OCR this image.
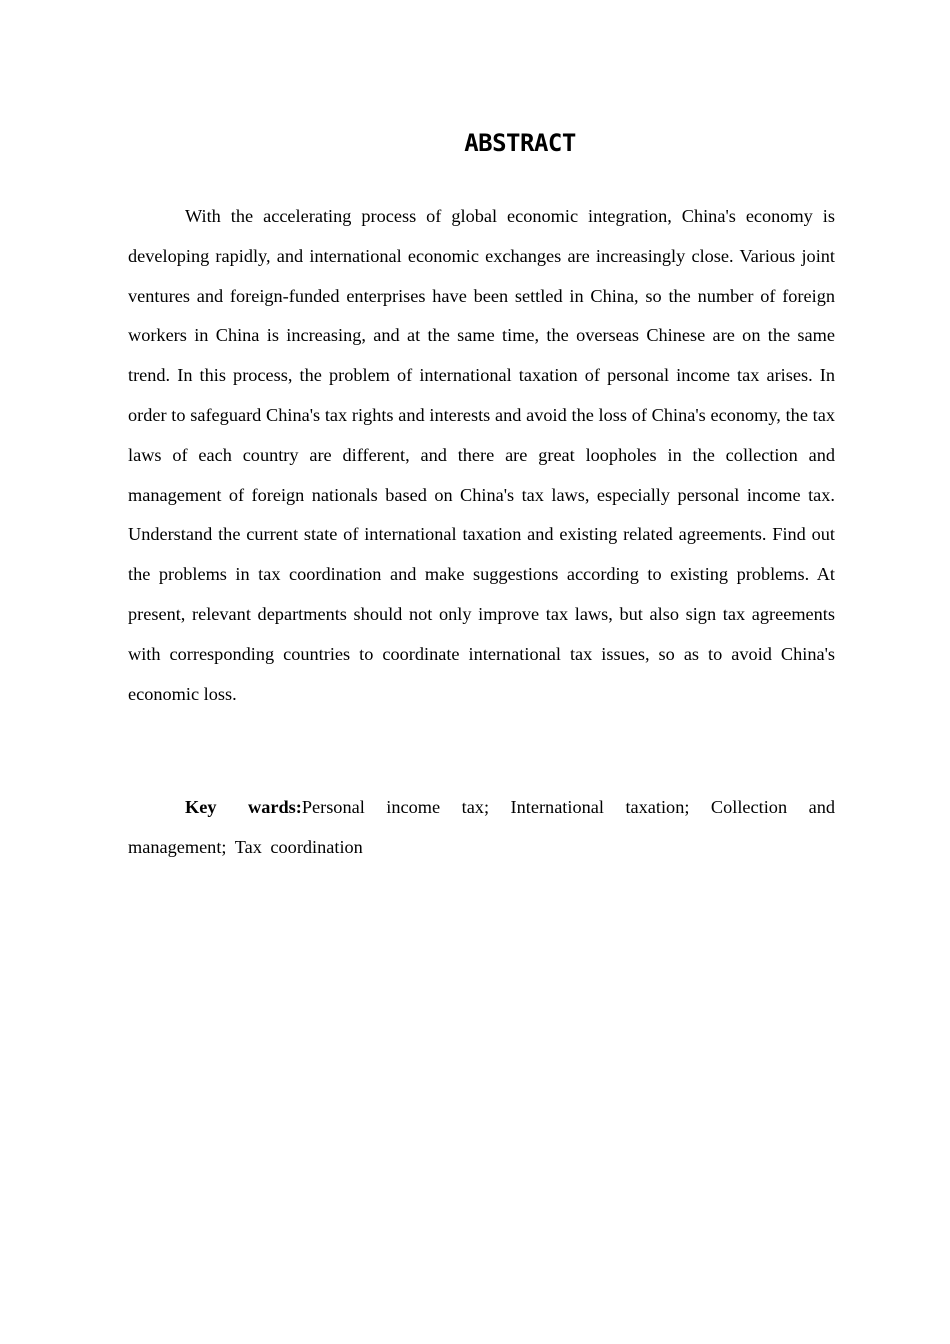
ABSTRACT

With the accelerating process of global economic integration, China's economy is developing rapidly, and international economic exchanges are increasingly close. Various joint ventures and foreign-funded enterprises have been settled in China, so the number of foreign workers in China is increasing, and at the same time, the overseas Chinese are on the same trend. In this process, the problem of international taxation of personal income tax arises. In order to safeguard China's tax rights and interests and avoid the loss of China's economy, the tax laws of each country are different, and there are great loopholes in the collection and management of foreign nationals based on China's tax laws, especially personal income tax. Understand the current state of international taxation and existing related agreements. Find out the problems in tax coordination and make suggestions according to existing problems. At present, relevant departments should not only improve tax laws, but also sign tax agreements with corresponding countries to coordinate international tax issues, so as to avoid China's economic loss.

Key wards:Personal income tax; International taxation; Collection and management; Tax coordination
